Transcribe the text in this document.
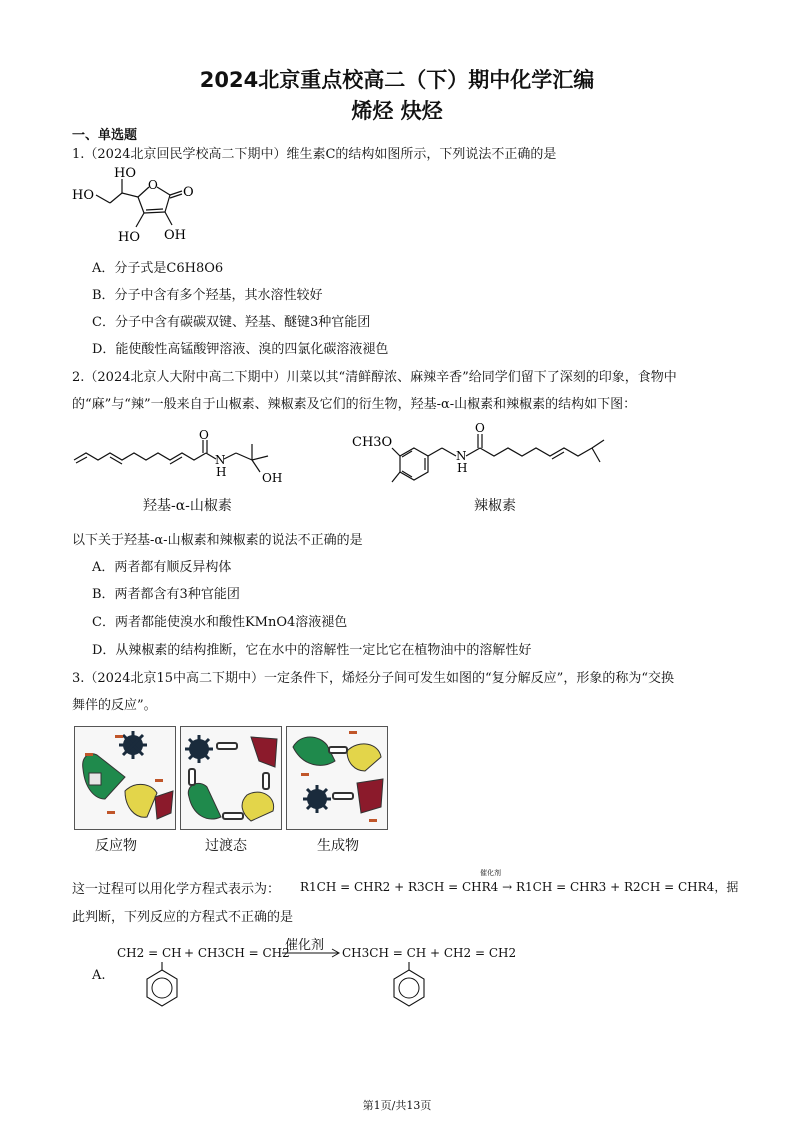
2024北京重点校高二（下）期中化学汇编
烯烃 炔烃
一、单选题
1.（2024北京回民学校高二下期中）维生素C的结构如图所示，下列说法不正确的是
HO
HO
O O
HO OH
A．分子式是C6H8O6
B．分子中含有多个羟基，其水溶性较好
C．分子中含有碳碳双键、羟基、醚键3种官能团
D．能使酸性高锰酸钾溶液、溴的四氯化碳溶液褪色
2.（2024北京人大附中高二下期中）川菜以其“清鲜醇浓、麻辣辛香”给同学们留下了深刻的印象，食物中
的“麻”与“辣”一般来自于山椒素、辣椒素及它们的衍生物，羟基-α-山椒素和辣椒素的结构如下图：
O
N
H	OH
羟基-α-山椒素
CH3O
O
N
H
辣椒素
以下关于羟基-α-山椒素和辣椒素的说法不正确的是
A．两者都有顺反异构体
B．两者都含有3种官能团
C．两者都能使溴水和酸性KMnO4溶液褪色
D．从辣椒素的结构推断，它在水中的溶解性一定比它在植物油中的溶解性好
3.（2024北京15中高二下期中）一定条件下，烯烃分子间可发生如图的“复分解反应”，形象的称为“交换
舞伴的反应”。
反应物	过渡态	生成物
这一过程可以用化学方程式表示为：
催化剂
R1CH = CHR2 + R3CH = CHR4 → R1CH = CHR3 + R2CH = CHR4，据
此判断，下列反应的方程式不正确的是
A.
CH2 = CH + CH3CH = CH2
催化剂 → CH3CH = CH + CH2 = CH2
第1页/共13页
